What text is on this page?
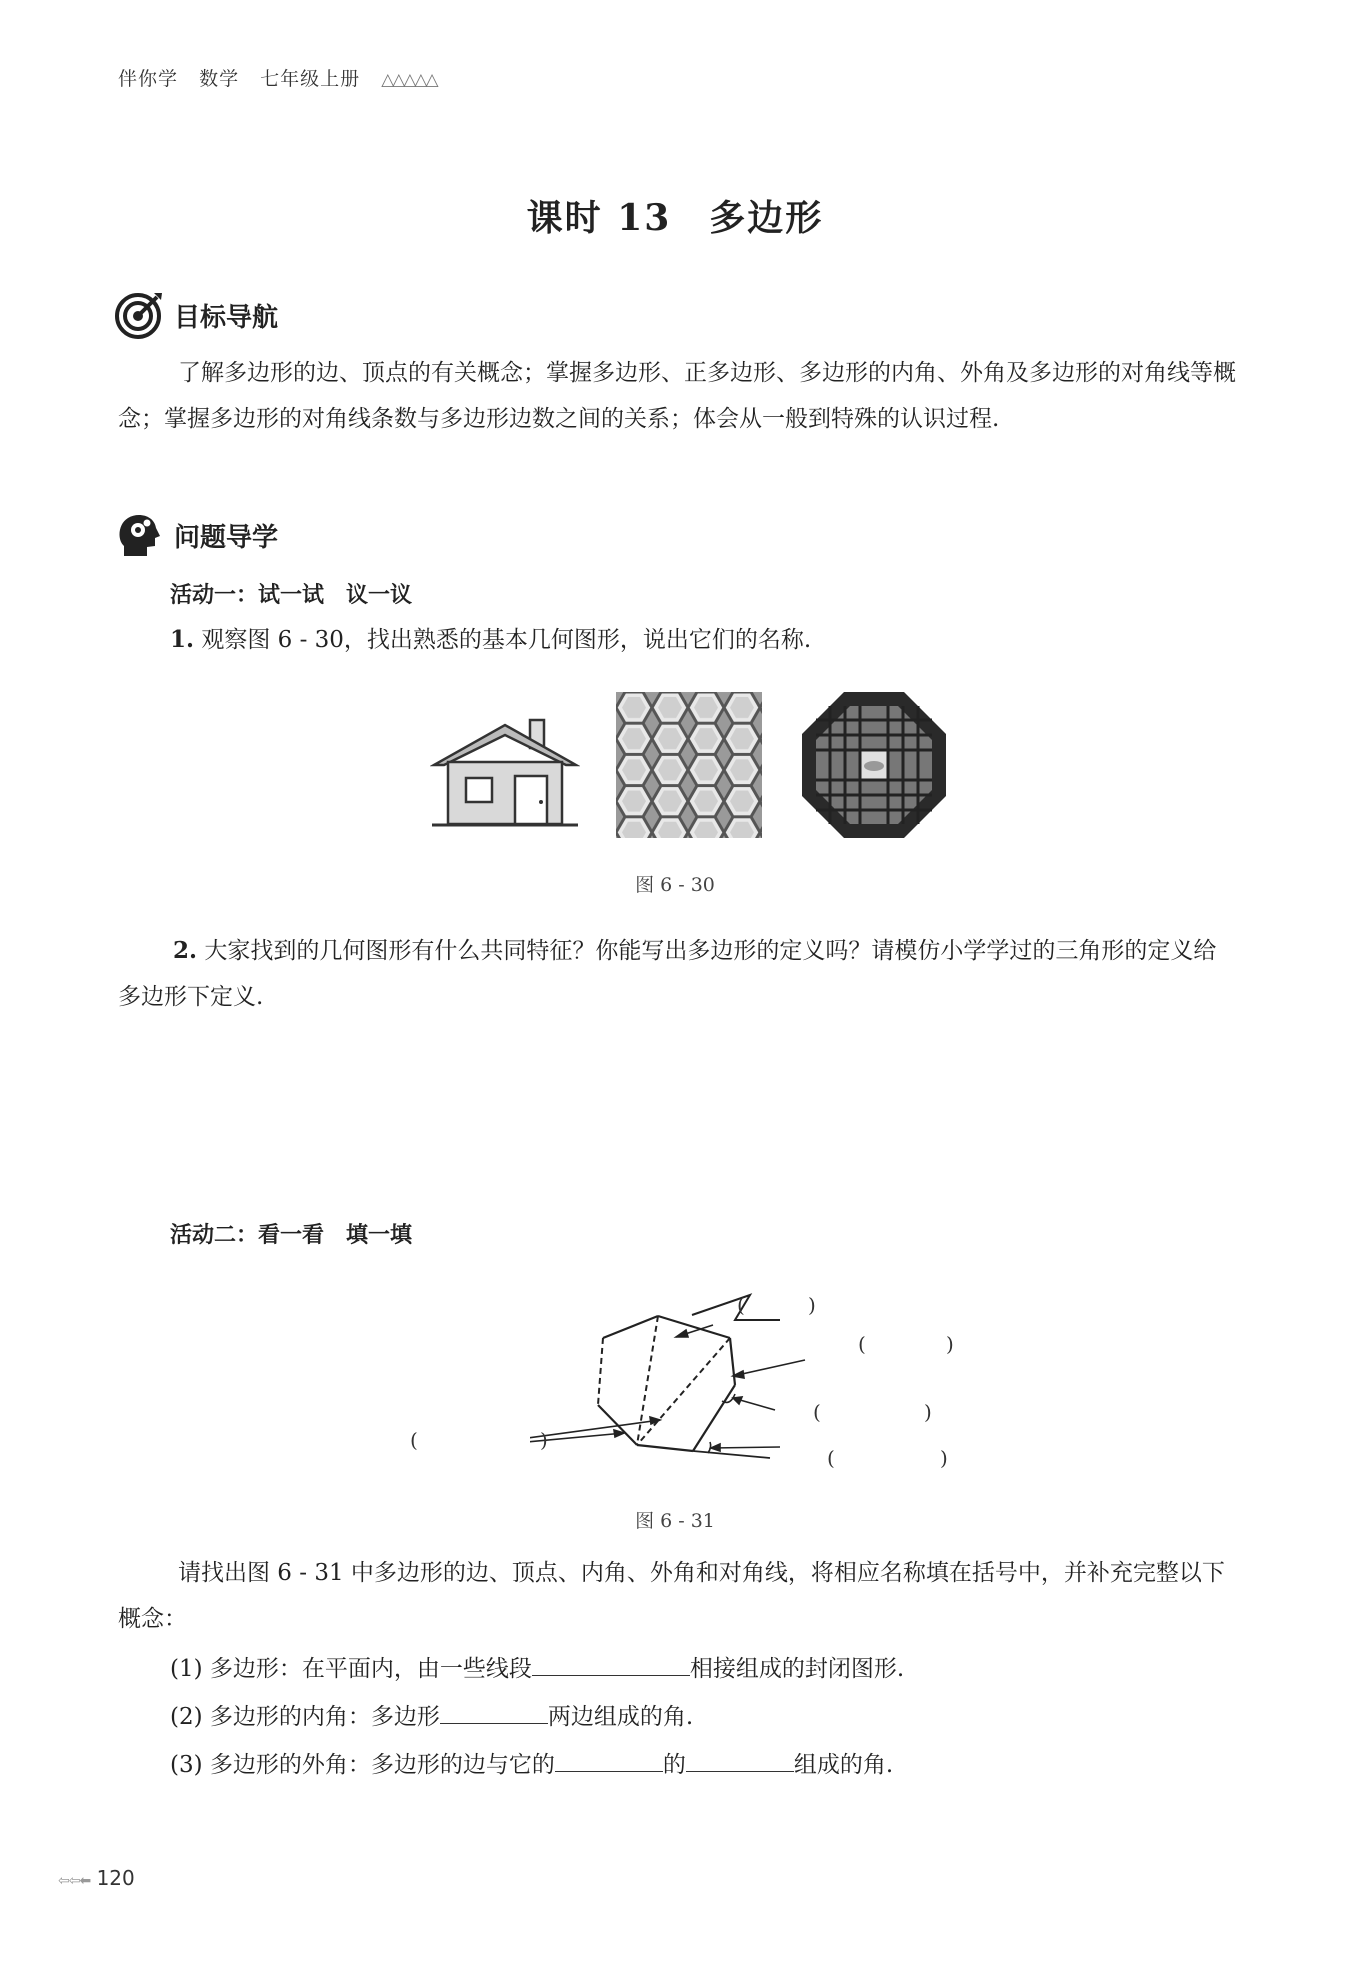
伴你学 数学 七年级上册 △△△△△
课时 13　多边形
目标导航
了解多边形的边、顶点的有关概念；掌握多边形、正多边形、多边形的内角、外角及多边形的对角线等概念；掌握多边形的对角线条数与多边形边数之间的关系；体会从一般到特殊的认识过程.
问题导学
活动一：试一试　议一议
1. 观察图 6 - 30，找出熟悉的基本几何图形，说出它们的名称.
图 6 - 30
2. 大家找到的几何图形有什么共同特征？你能写出多边形的定义吗？请模仿小学学过的三角形的定义给多边形下定义.
活动二：看一看　填一填
(	)
(	)
(	)
(	)
(	)
图 6 - 31
请找出图 6 - 31 中多边形的边、顶点、内角、外角和对角线，将相应名称填在括号中，并补充完整以下概念：
(1) 多边形：在平面内，由一些线段	相接组成的封闭图形.
(2) 多边形的内角：多边形	两边组成的角.
(3) 多边形的外角：多边形的边与它的	的	组成的角.
⇦⇦⬅ 120
